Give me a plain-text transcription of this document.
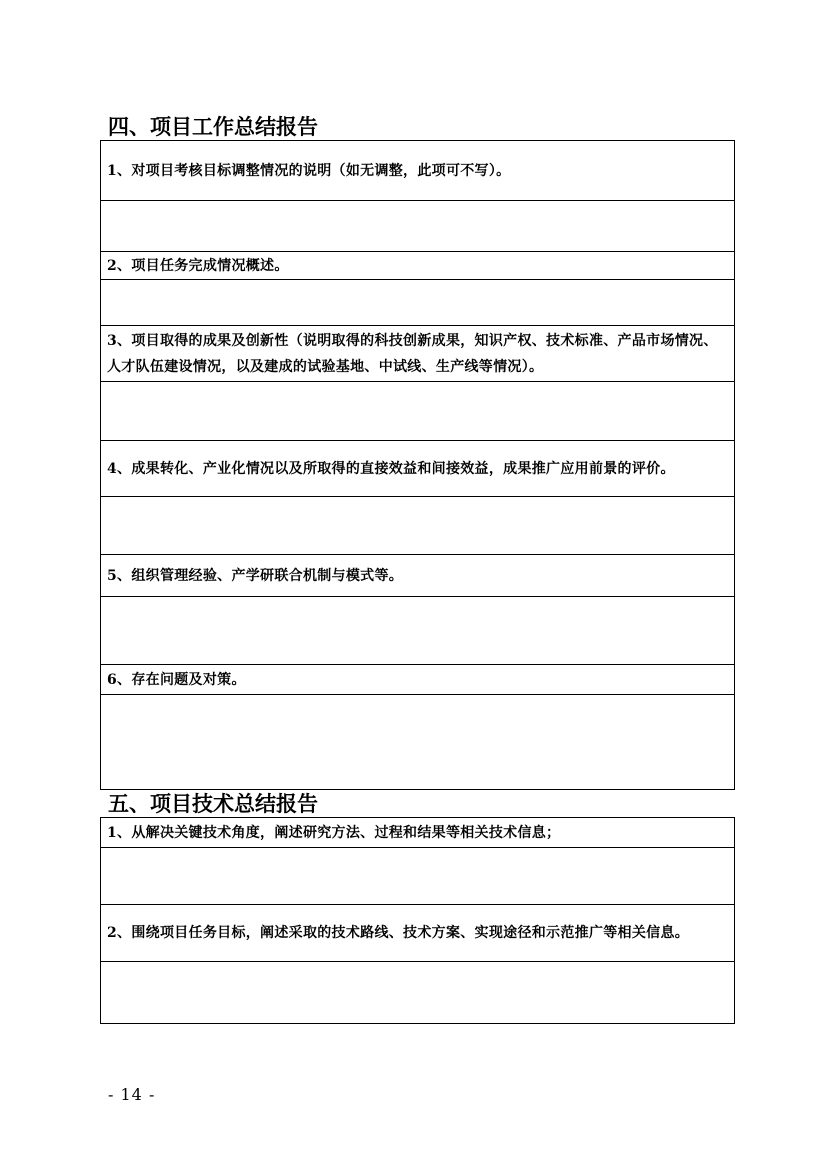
四、项目工作总结报告
1、对项目考核目标调整情况的说明（如无调整，此项可不写）。

2、项目任务完成情况概述。

3、项目取得的成果及创新性（说明取得的科技创新成果，知识产权、技术标准、产品市场情况、人才队伍建设情况，以及建成的试验基地、中试线、生产线等情况）。

4、成果转化、产业化情况以及所取得的直接效益和间接效益，成果推广应用前景的评价。

5、组织管理经验、产学研联合机制与模式等。

6、存在问题及对策。

五、项目技术总结报告
1、从解决关键技术角度，阐述研究方法、过程和结果等相关技术信息；

2、围绕项目任务目标，阐述采取的技术路线、技术方案、实现途径和示范推广等相关信息。

- 14 -
